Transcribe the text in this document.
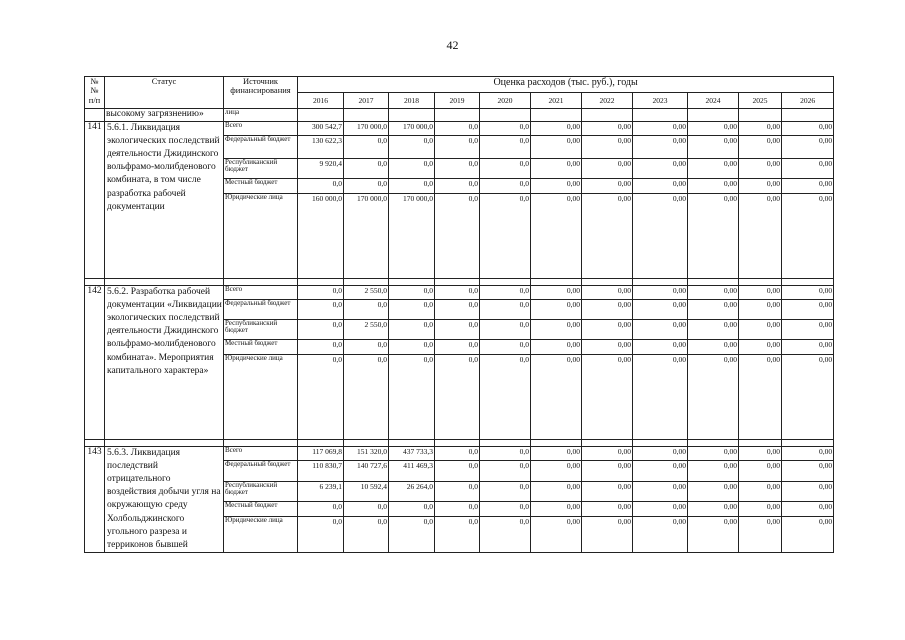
42
№
№
п/п	Статус	Источник финансирования	Оценка расходов (тыс. руб.), годы										
			2016	2017	2018	2019	2020	2021	2022	2023	2024	2025	2026
	высокому загрязнению»	лица											
141	5.6.1. Ликвидация экологических последствий деятельности Джидинского вольфрамо-молибденового комбината, в том числе разработка рабочей документации	Всего	300 542,7	170 000,0	170 000,0	0,0	0,0	0,00	0,00	0,00	0,00	0,00	0,00
		Федеральный бюджет	130 622,3	0,0	0,0	0,0	0,0	0,00	0,00	0,00	0,00	0,00	0,00
		Республиканский бюджет	9 920,4	0,0	0,0	0,0	0,0	0,00	0,00	0,00	0,00	0,00	0,00
		Местный бюджет	0,0	0,0	0,0	0,0	0,0	0,00	0,00	0,00	0,00	0,00	0,00
		Юридические лица	160 000,0	170 000,0	170 000,0	0,0	0,0	0,00	0,00	0,00	0,00	0,00	0,00

142	5.6.2. Разработка рабочей документации «Ликвидации экологических последствий деятельности Джидинского вольфрамо-молибденового комбината». Мероприятия капитального характера»	Всего	0,0	2 550,0	0,0	0,0	0,0	0,00	0,00	0,00	0,00	0,00	0,00
		Федеральный бюджет	0,0	0,0	0,0	0,0	0,0	0,00	0,00	0,00	0,00	0,00	0,00
		Республиканский бюджет	0,0	2 550,0	0,0	0,0	0,0	0,00	0,00	0,00	0,00	0,00	0,00
		Местный бюджет	0,0	0,0	0,0	0,0	0,0	0,00	0,00	0,00	0,00	0,00	0,00
		Юридические лица	0,0	0,0	0,0	0,0	0,0	0,00	0,00	0,00	0,00	0,00	0,00

143	5.6.3. Ликвидация последствий отрицательного воздействия добычи угля на окружающую среду Холбольджинского угольного разреза и терриконов бывшей	Всего	117 069,8	151 320,0	437 733,3	0,0	0,0	0,00	0,00	0,00	0,00	0,00	0,00
		Федеральный бюджет	110 830,7	140 727,6	411 469,3	0,0	0,0	0,00	0,00	0,00	0,00	0,00	0,00
		Республиканский бюджет	6 239,1	10 592,4	26 264,0	0,0	0,0	0,00	0,00	0,00	0,00	0,00	0,00
		Местный бюджет	0,0	0,0	0,0	0,0	0,0	0,00	0,00	0,00	0,00	0,00	0,00
		Юридические лица	0,0	0,0	0,0	0,0	0,0	0,00	0,00	0,00	0,00	0,00	0,00
